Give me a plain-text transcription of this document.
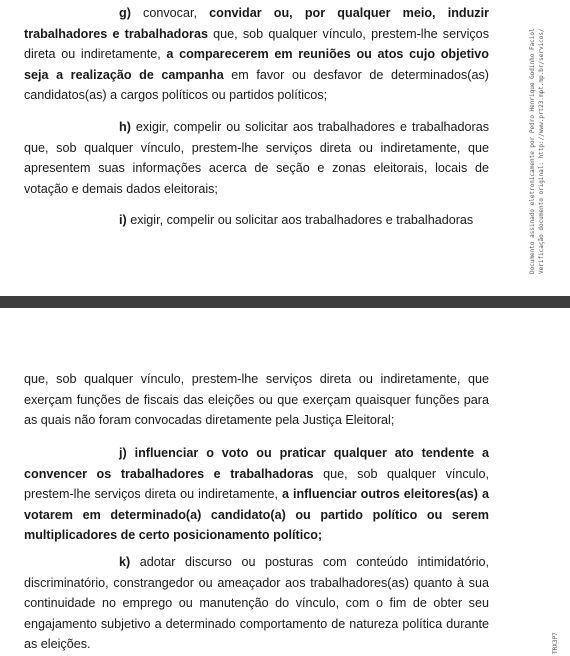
g) convocar, convidar ou, por qualquer meio, induzir trabalhadores e trabalhadoras que, sob qualquer vínculo, prestem-lhe serviços direta ou indiretamente, a comparecerem em reuniões ou atos cujo objetivo seja a realização de campanha em favor ou desfavor de determinados(as) candidatos(as) a cargos políticos ou partidos políticos;

h) exigir, compelir ou solicitar aos trabalhadores e trabalhadoras que, sob qualquer vínculo, prestem-lhe serviços direta ou indiretamente, que apresentem suas informações acerca de seção e zonas eleitorais, locais de votação e demais dados eleitorais;

i) exigir, compelir ou solicitar aos trabalhadores e trabalhadoras	Documento assinado eletronicamente por Pedro Henrique Godinho Faciol Verificação documento original: http://www.prt23.mpt.mp.br/servicos/

que, sob qualquer vínculo, prestem-lhe serviços direta ou indiretamente, que exerçam funções de fiscais das eleições ou que exerçam quaisquer funções para as quais não foram convocadas diretamente pela Justiça Eleitoral;

j) influenciar o voto ou praticar qualquer ato tendente a convencer os trabalhadores e trabalhadoras que, sob qualquer vínculo, prestem-lhe serviços direta ou indiretamente, a influenciar outros eleitores(as) a votarem em determinado(a) candidato(a) ou partido político ou serem multiplicadores de certo posicionamento político;

k) adotar discurso ou posturas com conteúdo intimidatório, discriminatório, constrangedor ou ameaçador aos trabalhadores(as) quanto à sua continuidade no emprego ou manutenção do vínculo, com o fim de obter seu engajamento subjetivo a determinado comportamento de natureza política durante as eleições.	TRX3P7
